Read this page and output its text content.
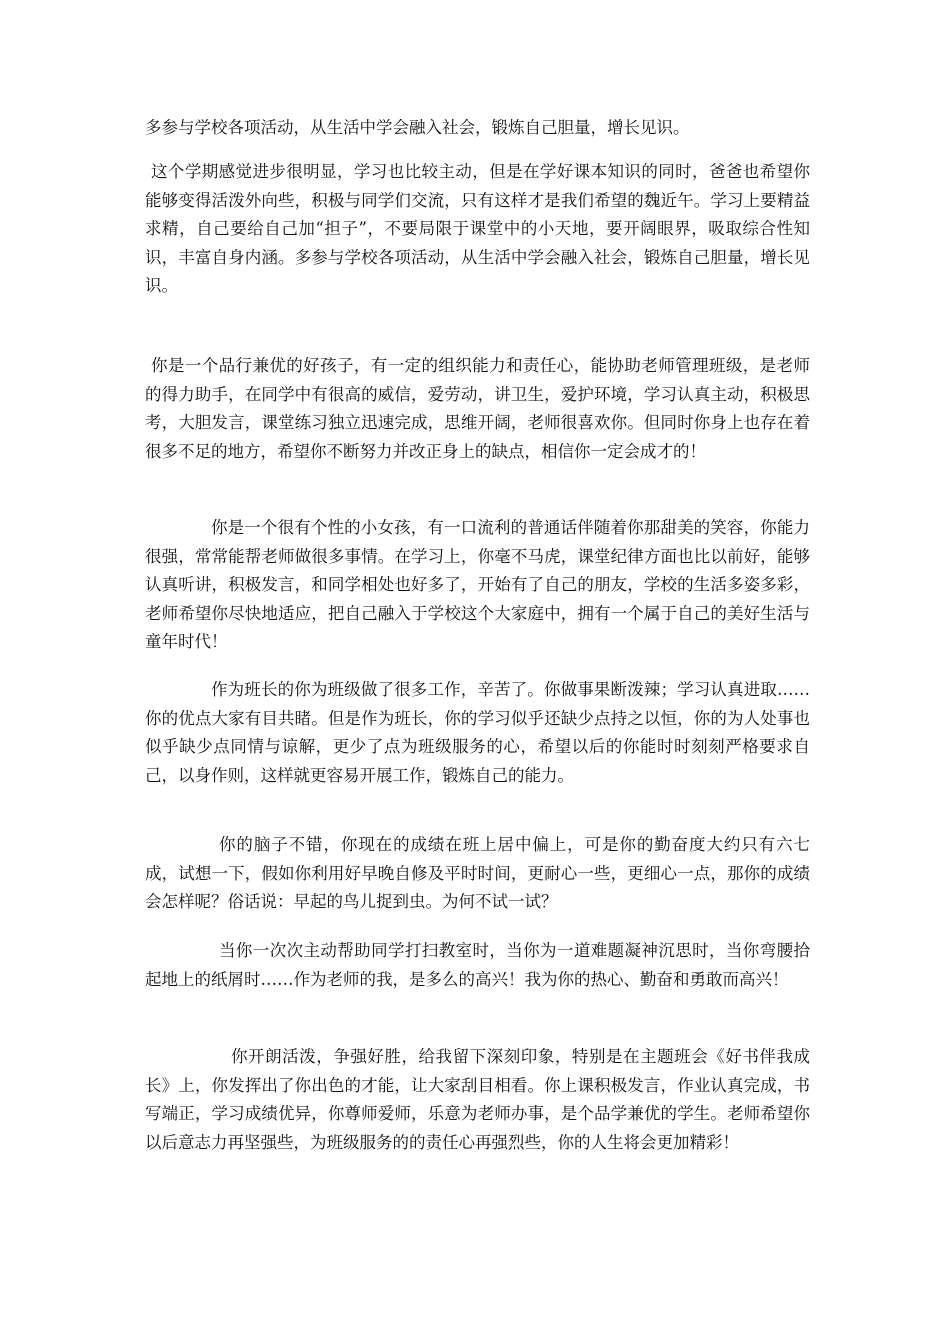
多参与学校各项活动，从生活中学会融入社会，锻炼自己胆量，增长见识。

这个学期感觉进步很明显，学习也比较主动，但是在学好课本知识的同时，爸爸也希望你能够变得活泼外向些，积极与同学们交流，只有这样才是我们希望的魏近午。学习上要精益求精，自己要给自己加“担子”，不要局限于课堂中的小天地，要开阔眼界，吸取综合性知识，丰富自身内涵。多参与学校各项活动，从生活中学会融入社会，锻炼自己胆量，增长见识。

你是一个品行兼优的好孩子，有一定的组织能力和责任心，能协助老师管理班级，是老师的得力助手，在同学中有很高的威信，爱劳动，讲卫生，爱护环境，学习认真主动，积极思考，大胆发言，课堂练习独立迅速完成，思维开阔，老师很喜欢你。但同时你身上也存在着很多不足的地方，希望你不断努力并改正身上的缺点，相信你一定会成才的！

你是一个很有个性的小女孩，有一口流利的普通话伴随着你那甜美的笑容，你能力很强，常常能帮老师做很多事情。在学习上，你毫不马虎，课堂纪律方面也比以前好，能够认真听讲，积极发言，和同学相处也好多了，开始有了自己的朋友，学校的生活多姿多彩，老师希望你尽快地适应，把自己融入于学校这个大家庭中，拥有一个属于自己的美好生活与童年时代！

作为班长的你为班级做了很多工作，辛苦了。你做事果断泼辣；学习认真进取……你的优点大家有目共睹。但是作为班长，你的学习似乎还缺少点持之以恒，你的为人处事也似乎缺少点同情与谅解，更少了点为班级服务的心，希望以后的你能时时刻刻严格要求自己，以身作则，这样就更容易开展工作，锻炼自己的能力。

你的脑子不错，你现在的成绩在班上居中偏上，可是你的勤奋度大约只有六七成，试想一下，假如你利用好早晚自修及平时时间，更耐心一些，更细心一点，那你的成绩会怎样呢？俗话说：早起的鸟儿捉到虫。为何不试一试？

当你一次次主动帮助同学打扫教室时，当你为一道难题凝神沉思时，当你弯腰拾起地上的纸屑时……作为老师的我，是多么的高兴！我为你的热心、勤奋和勇敢而高兴！

你开朗活泼，争强好胜，给我留下深刻印象，特别是在主题班会《好书伴我成长》上，你发挥出了你出色的才能，让大家刮目相看。你上课积极发言，作业认真完成，书写端正，学习成绩优异，你尊师爱师，乐意为老师办事，是个品学兼优的学生。老师希望你以后意志力再坚强些，为班级服务的的责任心再强烈些，你的人生将会更加精彩！
